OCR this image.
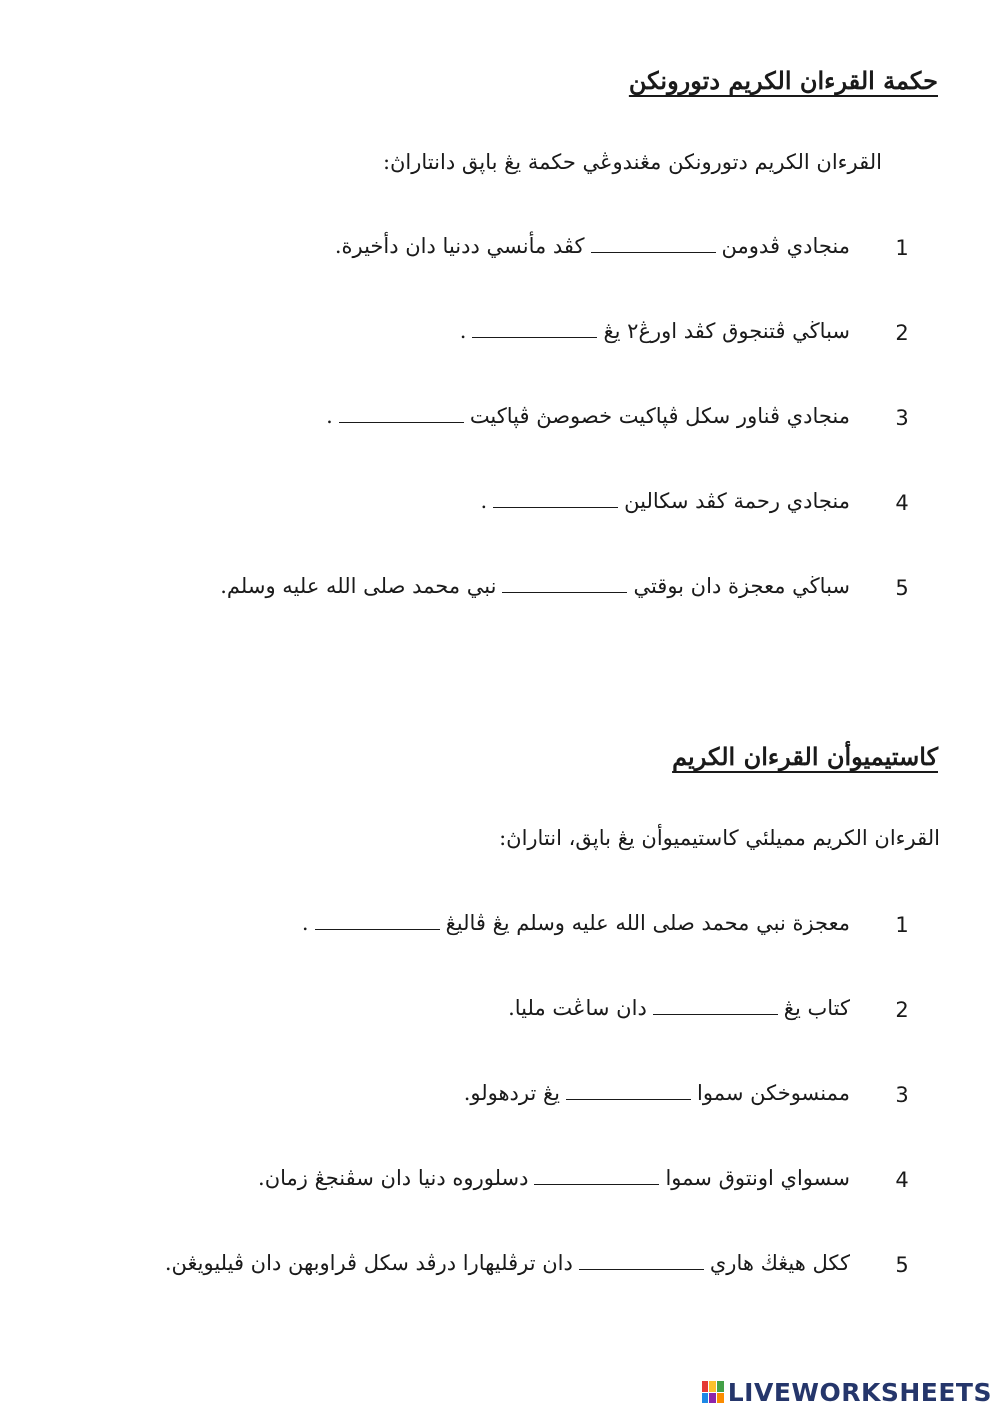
حكمة القرءان الكريم دتورونكن
القرءان الكريم دتورونكن مڠندوڠي حكمة يڠ باپق دانتاراڽ:
1
منجادي ڤدومنكڤد مأنسي ددنيا دان دأخيرة.
2
سباڬي ڤتنجوق كڤد اورڠ٢ يڠ.
3
منجادي ڤناور سكل ڤپاكيت خصوصڽ ڤپاكيت.
4
منجادي رحمة كڤد سكالين.
5
سباڬي معجزة دان بوقتينبي محمد صلى الله عليه وسلم.
كاستيميوأن القرءان الكريم
القرءان الكريم مميلئي كاستيميوأن يڠ باپق، انتاراڽ:
1
معجزة نبي محمد صلى الله عليه وسلم يڠ ڤاليڠ.
2
كتاب يڠدان ساڠت مليا.
3
ممنسوخكن سموايڠ تردهولو.
4
سسواي اونتوق سموادسلوروه دنيا دان سڤنجڠ زمان.
5
ككل هيڠڬ هاريدان ترڤليهارا درڤد سكل ڤراوبهن دان ڤيليويڠن.
LIVEWORKSHEETS
